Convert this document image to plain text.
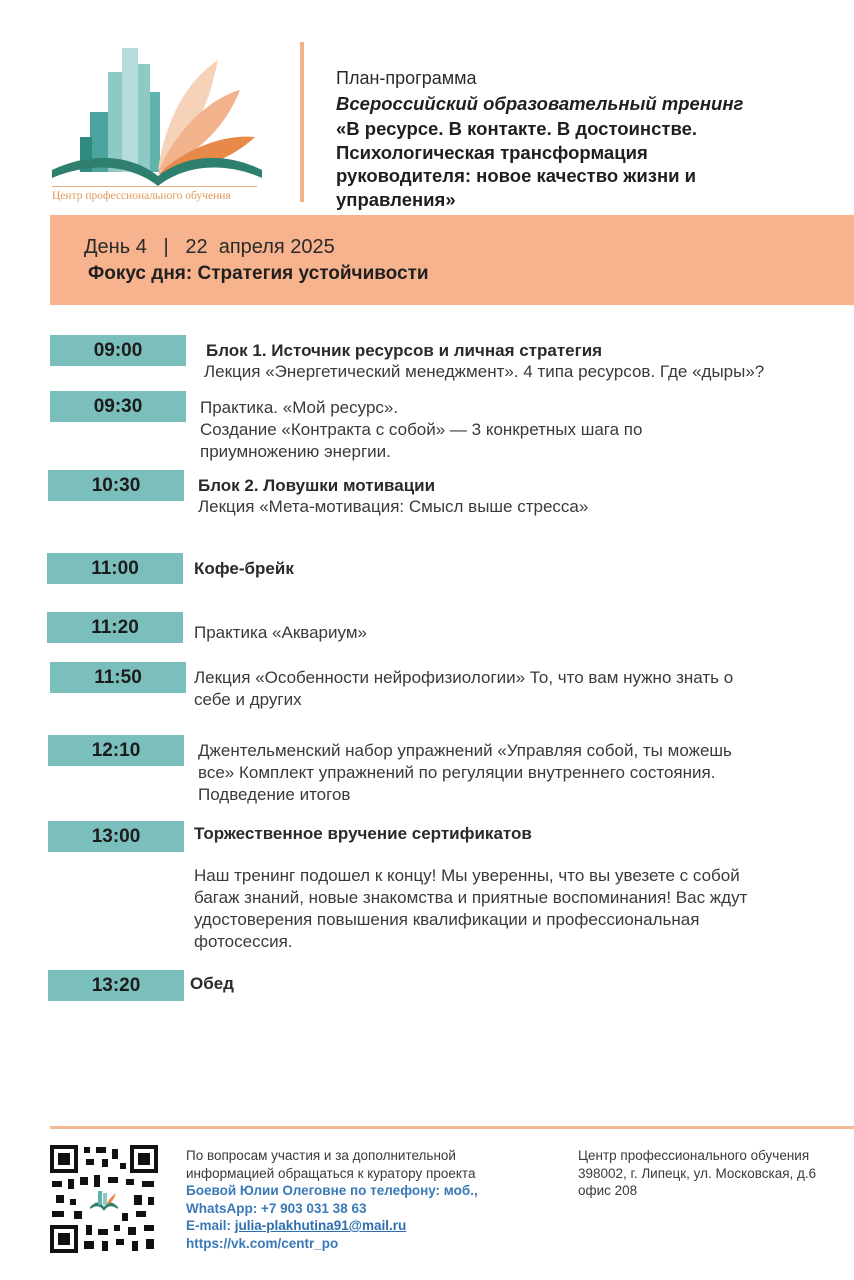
Центр профессионального обучения
План-программа
Всероссийский образовательный тренинг
«В ресурсе. В контакте. В достоинстве.
Психологическая трансформация
руководителя: новое качество жизни и
управления»
День 4   |   22  апреля 2025
Фокус дня: Стратегия устойчивости
09:00	Блок 1. Источник ресурсов и личная стратегия
Лекция «Энергетический менеджмент». 4 типа ресурсов. Где «дыры»?
09:30	Практика. «Мой ресурс».
Создание «Контракта с собой» — 3 конкретных шага по
приумножению энергии.
10:30	Блок 2. Ловушки мотивации
Лекция «Мета-мотивация: Смысл выше стресса»
11:00	Кофе-брейк
11:20	Практика «Аквариум»
11:50	Лекция «Особенности нейрофизиологии» То, что вам нужно знать о
себе и других
12:10	Джентельменский набор упражнений «Управляя собой, ты можешь
все» Комплект упражнений по регуляции внутреннего состояния.
Подведение итогов
13:00	Торжественное вручение сертификатов
Наш тренинг подошел к концу! Мы уверенны, что вы увезете с собой
багаж знаний, новые знакомства и приятные воспоминания! Вас ждут
удостоверения повышения квалификации и профессиональная
фотосессия.
13:20	Обед
По вопросам участия и за дополнительной
информацией обращаться к куратору проекта
Боевой Юлии Олеговне по телефону: моб.,
WhatsApp: +7 903 031 38 63
E-mail: julia-plakhutina91@mail.ru
https://vk.com/centr_po
Центр профессионального обучения
398002, г. Липецк, ул. Московская, д.6
офис 208
